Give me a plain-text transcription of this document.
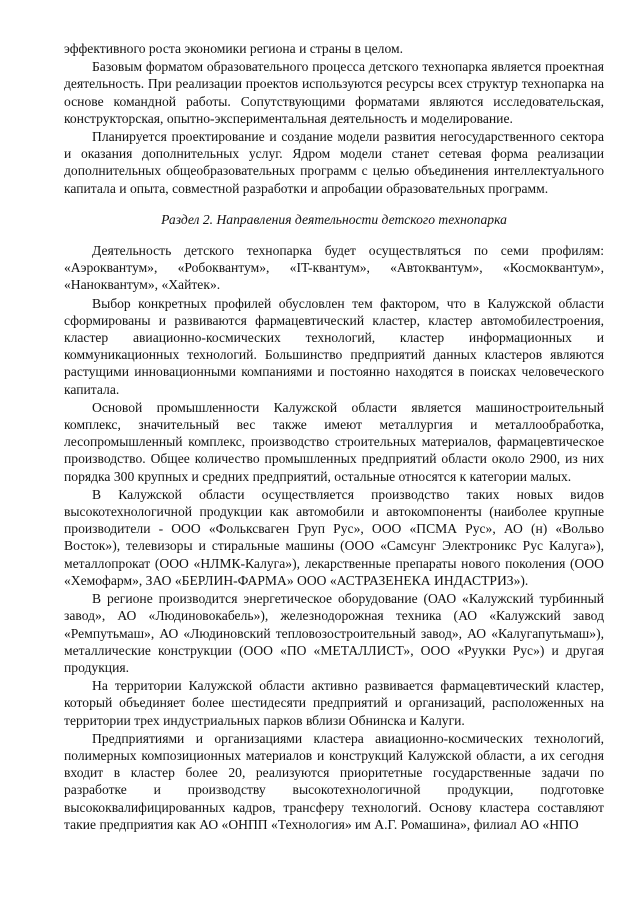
эффективного роста экономики региона и страны в целом.

Базовым форматом образовательного процесса детского технопарка является проектная деятельность. При реализации проектов используются ресурсы всех структур технопарка на основе командной работы. Сопутствующими форматами являются исследовательская, конструкторская, опытно-экспериментальная деятельность и моделирование.

Планируется проектирование и создание модели развития негосударственного сектора и оказания дополнительных услуг. Ядром модели станет сетевая форма реализации дополнительных общеобразовательных программ с целью объединения интеллектуального капитала и опыта, совместной разработки и апробации образовательных программ.

Раздел 2. Направления деятельности детского технопарка

Деятельность детского технопарка будет осуществляться по семи профилям: «Аэроквантум», «Робоквантум», «IT-квантум», «Автоквантум», «Космоквантум», «Наноквантум», «Хайтек».

Выбор конкретных профилей обусловлен тем фактором, что в Калужской области сформированы и развиваются фармацевтический кластер, кластер автомобилестроения, кластер авиационно-космических технологий, кластер информационных и коммуникационных технологий. Большинство предприятий данных кластеров являются растущими инновационными компаниями и постоянно находятся в поисках человеческого капитала.

Основой промышленности Калужской области является машиностроительный комплекс, значительный вес также имеют металлургия и металлообработка, лесопромышленный комплекс, производство строительных материалов, фармацевтическое производство. Общее количество промышленных предприятий области около 2900, из них порядка 300 крупных и средних предприятий, остальные относятся к категории малых.

В Калужской области осуществляется производство таких новых видов высокотехнологичной продукции как автомобили и автокомпоненты (наиболее крупные производители - ООО «Фольксваген Груп Рус», ООО «ПСМА Рус», АО (н) «Вольво Восток»), телевизоры и стиральные машины (ООО «Самсунг Электроникс Рус Калуга»), металлопрокат (ООО «НЛМК-Калуга»), лекарственные препараты нового поколения (ООО «Хемофарм», ЗАО «БЕРЛИН-ФАРМА» ООО «АСТРАЗЕНЕКА ИНДАСТРИЗ»).

В регионе производится энергетическое оборудование (ОАО «Калужский турбинный завод», АО «Людиновокабель»), железнодорожная техника (АО «Калужский завод «Ремпутьмаш», АО «Людиновский тепловозостроительный завод», АО «Калугапутьмаш»), металлические конструкции (ООО «ПО «МЕТАЛЛИСТ», ООО «Руукки Рус») и другая продукция.

На территории Калужской области активно развивается фармацевтический кластер, который объединяет более шестидесяти предприятий и организаций, расположенных на территории трех индустриальных парков вблизи Обнинска и Калуги.

Предприятиями и организациями кластера авиационно-космических технологий, полимерных композиционных материалов и конструкций Калужской области, а их сегодня входит в кластер более 20, реализуются приоритетные государственные задачи по разработке и производству высокотехнологичной продукции, подготовке высококвалифицированных кадров, трансферу технологий. Основу кластера составляют такие предприятия как АО «ОНПП «Технология» им А.Г. Ромашина», филиал АО «НПО
